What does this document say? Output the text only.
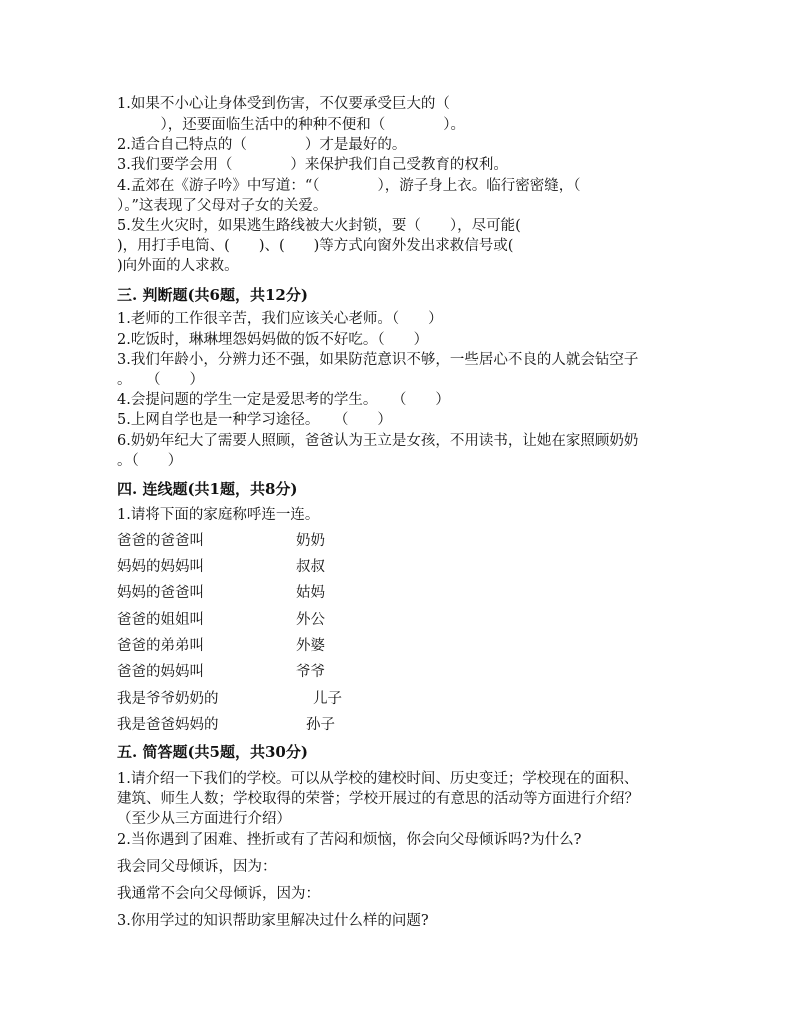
1.如果不小心让身体受到伤害，不仅要承受巨大的（
　　　），还要面临生活中的种种不便和（　　　　）。
2.适合自己特点的（　　　　）才是最好的。
3.我们要学会用（　　　　）来保护我们自己受教育的权利。
4.孟郊在《游子吟》中写道：“（　　　　），游子身上衣。临行密密缝，（
）。”这表现了父母对子女的关爱。
5.发生火灾时，如果逃生路线被大火封锁，要（　　），尽可能(
)，用打手电筒、(　　)、(　　)等方式向窗外发出求救信号或(
)向外面的人求救。
三. 判断题(共6题，共12分)
1.老师的工作很辛苦，我们应该关心老师。（　　）
2.吃饭时，琳琳埋怨妈妈做的饭不好吃。（　　）
3.我们年龄小，分辨力还不强，如果防范意识不够，一些居心不良的人就会钻空子
。　　（　　）
4.会提问题的学生一定是爱思考的学生。　　（　　）
5.上网自学也是一种学习途径。　　（　　）
6.奶奶年纪大了需要人照顾，爸爸认为王立是女孩，不用读书，让她在家照顾奶奶
。（　　）
四. 连线题(共1题，共8分)
1.请将下面的家庭称呼连一连。
爸爸的爸爸叫	奶奶
妈妈的妈妈叫	叔叔
妈妈的爸爸叫	姑妈
爸爸的姐姐叫	外公
爸爸的弟弟叫	外婆
爸爸的妈妈叫	爷爷
我是爷爷奶奶的	儿子
我是爸爸妈妈的	孙子
五. 简答题(共5题，共30分)
1.请介绍一下我们的学校。可以从学校的建校时间、历史变迁；学校现在的面积、
建筑、师生人数；学校取得的荣誉；学校开展过的有意思的活动等方面进行介绍？
（至少从三方面进行介绍）
2.当你遇到了困难、挫折或有了苦闷和烦恼，你会向父母倾诉吗?为什么?
我会同父母倾诉，因为：
我通常不会向父母倾诉，因为：
3.你用学过的知识帮助家里解决过什么样的问题?
